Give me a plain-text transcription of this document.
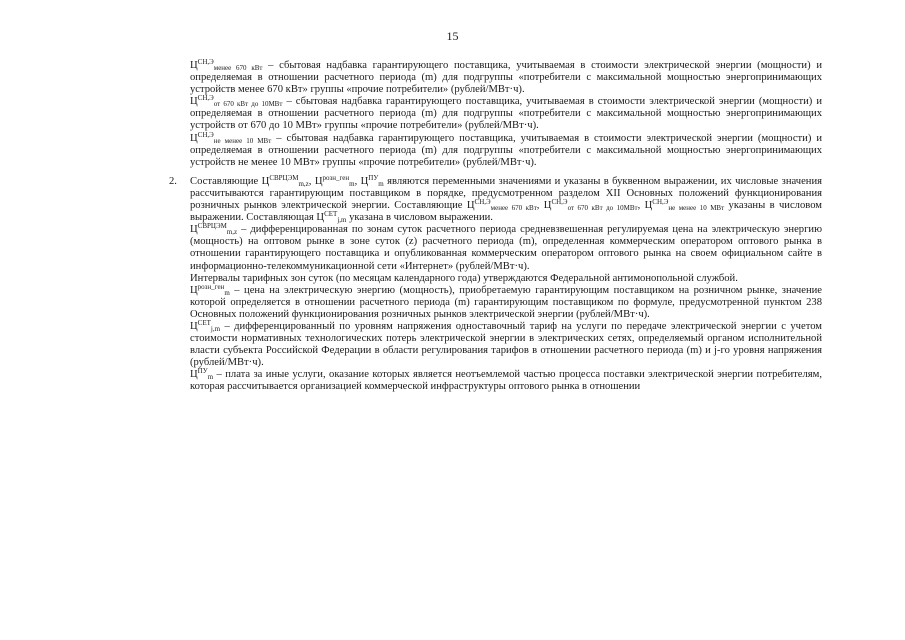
15

$Ц^{СН,Э}_{менее 670 кВт}$ – сбытовая надбавка гарантирующего поставщика, учитываемая в стоимости электрической энергии (мощности) и определяемая в отношении расчетного периода (m) для подгруппы «потребители с максимальной мощностью энергопринимающих устройств менее 670 кВт» группы «прочие потребители» (рублей/МВт·ч).

$Ц^{СН,Э}_{от 670 кВт до 10МВт}$ – сбытовая надбавка гарантирующего поставщика, учитываемая в стоимости электрической энергии (мощности) и определяемая в отношении расчетного периода (m) для подгруппы «потребители с максимальной мощностью энергопринимающих устройств от 670 до 10 МВт» группы «прочие потребители» (рублей/МВт·ч).

$Ц^{СН,Э}_{не менее 10 МВт}$ – сбытовая надбавка гарантирующего поставщика, учитываемая в стоимости электрической энергии (мощности) и определяемая в отношении расчетного периода (m) для подгруппы «потребители с максимальной мощностью энергопринимающих устройств не менее 10 МВт» группы «прочие потребители» (рублей/МВт·ч).

2. Составляющие $Ц^{СВРЦЭМ}_{m,z}$, $Ц^{розн\_ген}_m$, $Ц^{ПУ}_m$ являются переменными значениями и указаны в буквенном выражении, их числовые значения рассчитываются гарантирующим поставщиком в порядке, предусмотренном разделом XII Основных положений функционирования розничных рынков электрической энергии. Составляющие $Ц^{СН,Э}_{менее 670 кВт}$, $Ц^{СН,Э}_{от 670 кВт до 10МВт}$, $Ц^{СН,Э}_{не менее 10 МВт}$ указаны в числовом выражении. Составляющая $Ц^{СЕТ}_{j,m}$ указана в числовом выражении.

$Ц^{СВРЦЭМ}_{m,z}$ – дифференцированная по зонам суток расчетного периода средневзвешенная регулируемая цена на электрическую энергию (мощность) на оптовом рынке в зоне суток (z) расчетного периода (m), определенная коммерческим оператором оптового рынка в отношении гарантирующего поставщика и опубликованная коммерческим оператором оптового рынка на своем официальном сайте в информационно-телекоммуникационной сети «Интернет» (рублей/МВт·ч).

Интервалы тарифных зон суток (по месяцам календарного года) утверждаются Федеральной антимонопольной службой.

$Ц^{розн\_ген}_m$ – цена на электрическую энергию (мощность), приобретаемую гарантирующим поставщиком на розничном рынке, значение которой определяется в отношении расчетного периода (m) гарантирующим поставщиком по формуле, предусмотренной пунктом 238 Основных положений функционирования розничных рынков электрической энергии (рублей/МВт·ч).

$Ц^{СЕТ}_{j,m}$ – дифференцированный по уровням напряжения одноставочный тариф на услуги по передаче электрической энергии с учетом стоимости нормативных технологических потерь электрической энергии в электрических сетях, определяемый органом исполнительной власти субъекта Российской Федерации в области регулирования тарифов в отношении расчетного периода (m) и j-го уровня напряжения (рублей/МВт·ч).

$Ц^{ПУ}_m$ – плата за иные услуги, оказание которых является неотъемлемой частью процесса поставки электрической энергии потребителям, которая рассчитывается организацией коммерческой инфраструктуры оптового рынка в отношении
